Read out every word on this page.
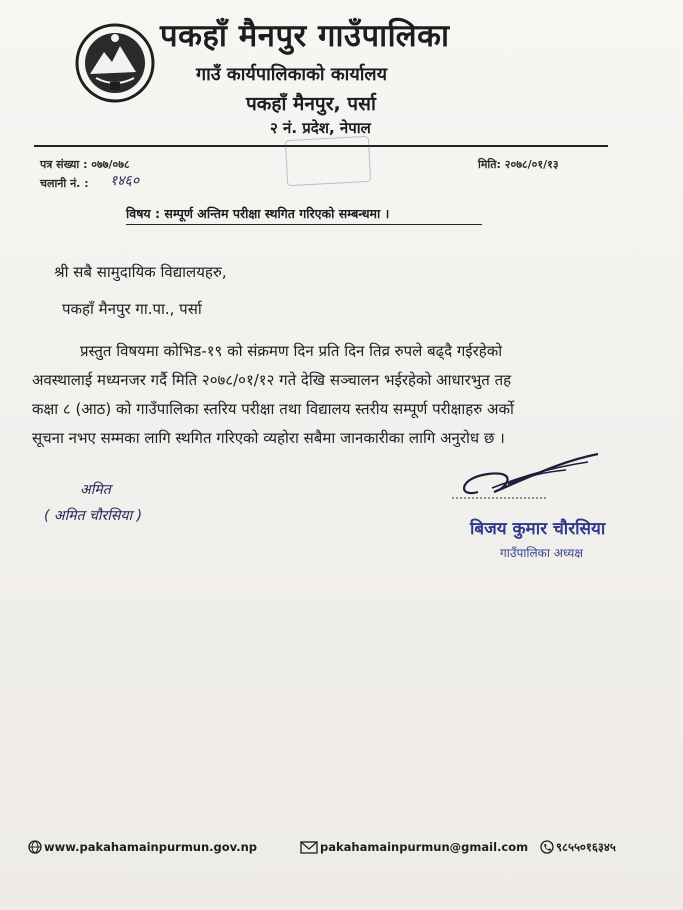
पकहाँ मैनपुर गाउँपालिका
गाउँ कार्यपालिकाको कार्यालय
पकहाँ मैनपुर, पर्सा
२ नं. प्रदेश, नेपाल

पत्र संख्या : ०७७/०७८
चलानी नं. : १४६०
मिति: २०७८/०१/१३
विषय : सम्पूर्ण अन्तिम परीक्षा स्थगित गरिएको सम्बन्धमा ।
श्री सबै सामुदायिक विद्यालयहरु,
पकहाँ मैनपुर गा.पा., पर्सा
प्रस्तुत विषयमा कोभिड-१९ को संक्रमण दिन प्रति दिन तिव्र रुपले बढ्दै गईरहेको
अवस्थालाई मध्यनजर गर्दै मिति २०७८/०१/१२ गते देखि सञ्चालन भईरहेको आधारभुत तह
कक्षा ८ (आठ) को गाउँपालिका स्तरिय परीक्षा तथा विद्यालय स्तरीय सम्पूर्ण परीक्षाहरु अर्को
सूचना नभए सम्मका लागि स्थगित गरिएको व्यहोरा सबैमा जानकारीका लागि अनुरोध छ ।
अमित
( अमित चौरसिया )
बिजय कुमार चौरसिया
गाउँपालिका अध्यक्ष
www.pakahamainpurmun.gov.np	pakahamainpurmun@gmail.com	९८५५०१६३४५
